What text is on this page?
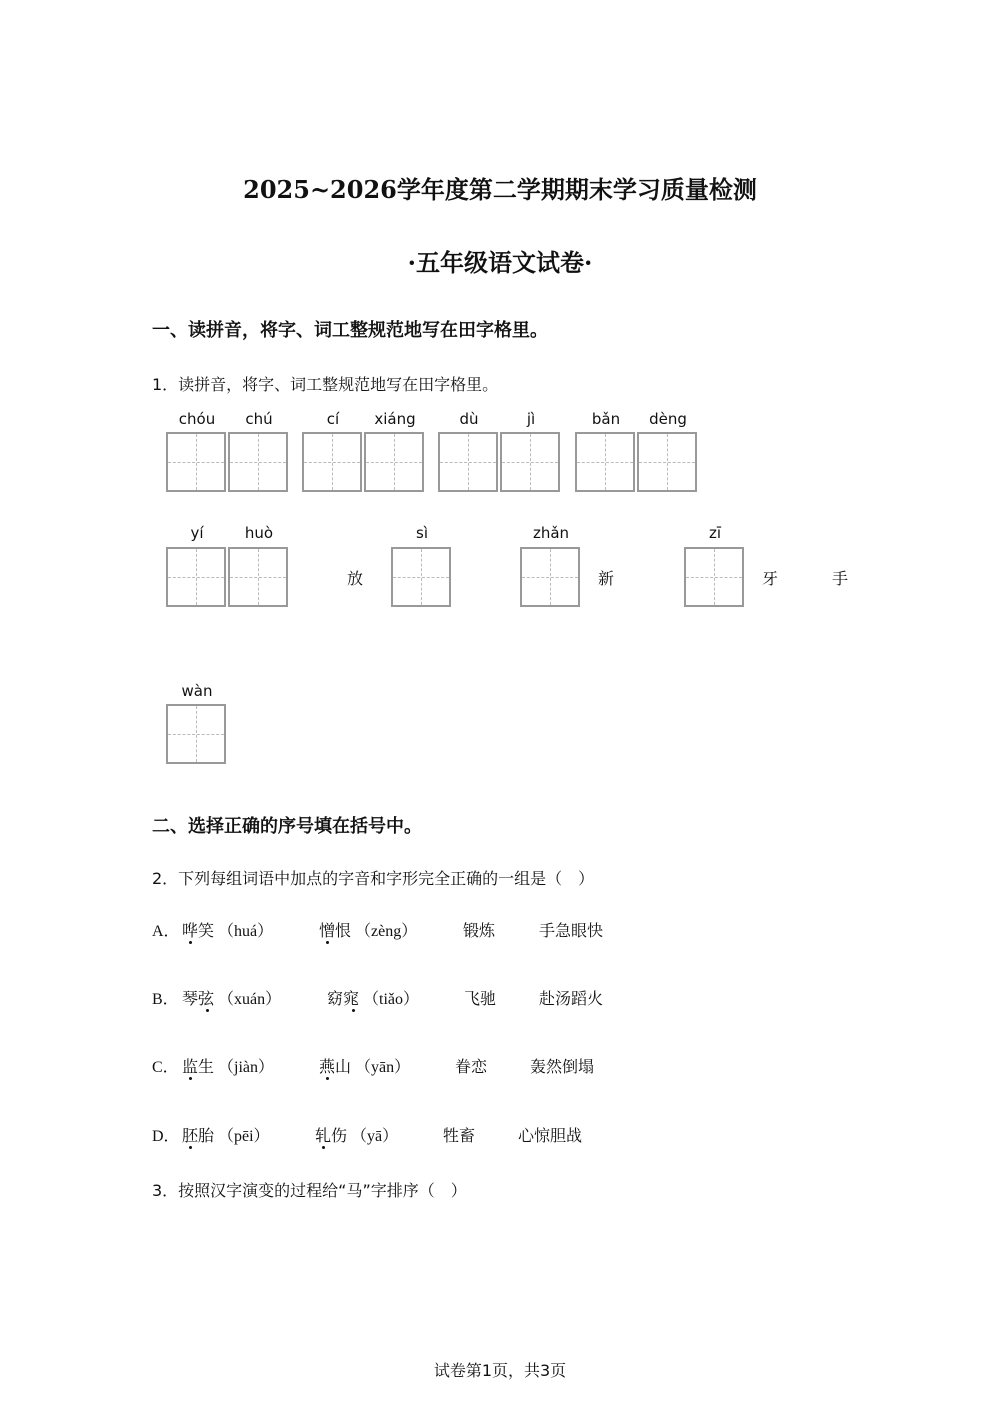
2025~2026学年度第二学期期末学习质量检测
·五年级语文试卷·
一、读拼音，将字、词工整规范地写在田字格里。
1．读拼音，将字、词工整规范地写在田字格里。
chóu	chú	cí	xiáng	dù	jì	bǎn	dèng
yí	huò	sì	zhǎn	zī
放	新	牙	手
wàn
二、选择正确的序号填在括号中。
2．下列每组词语中加点的字音和字形完全正确的一组是（　）
A． 哗笑 （huá）	憎恨 （zèng）	锻炼	手急眼快
B． 琴弦 （xuán）	窈窕 （tiǎo）	飞驰	赴汤蹈火
C． 监生 （jiàn）	燕山 （yān）	眷恋	轰然倒塌
D． 胚胎 （pēi）	轧伤 （yā）	牲畜	心惊胆战
3．按照汉字演变的过程给“马”字排序（　）
试卷第1页，共3页
